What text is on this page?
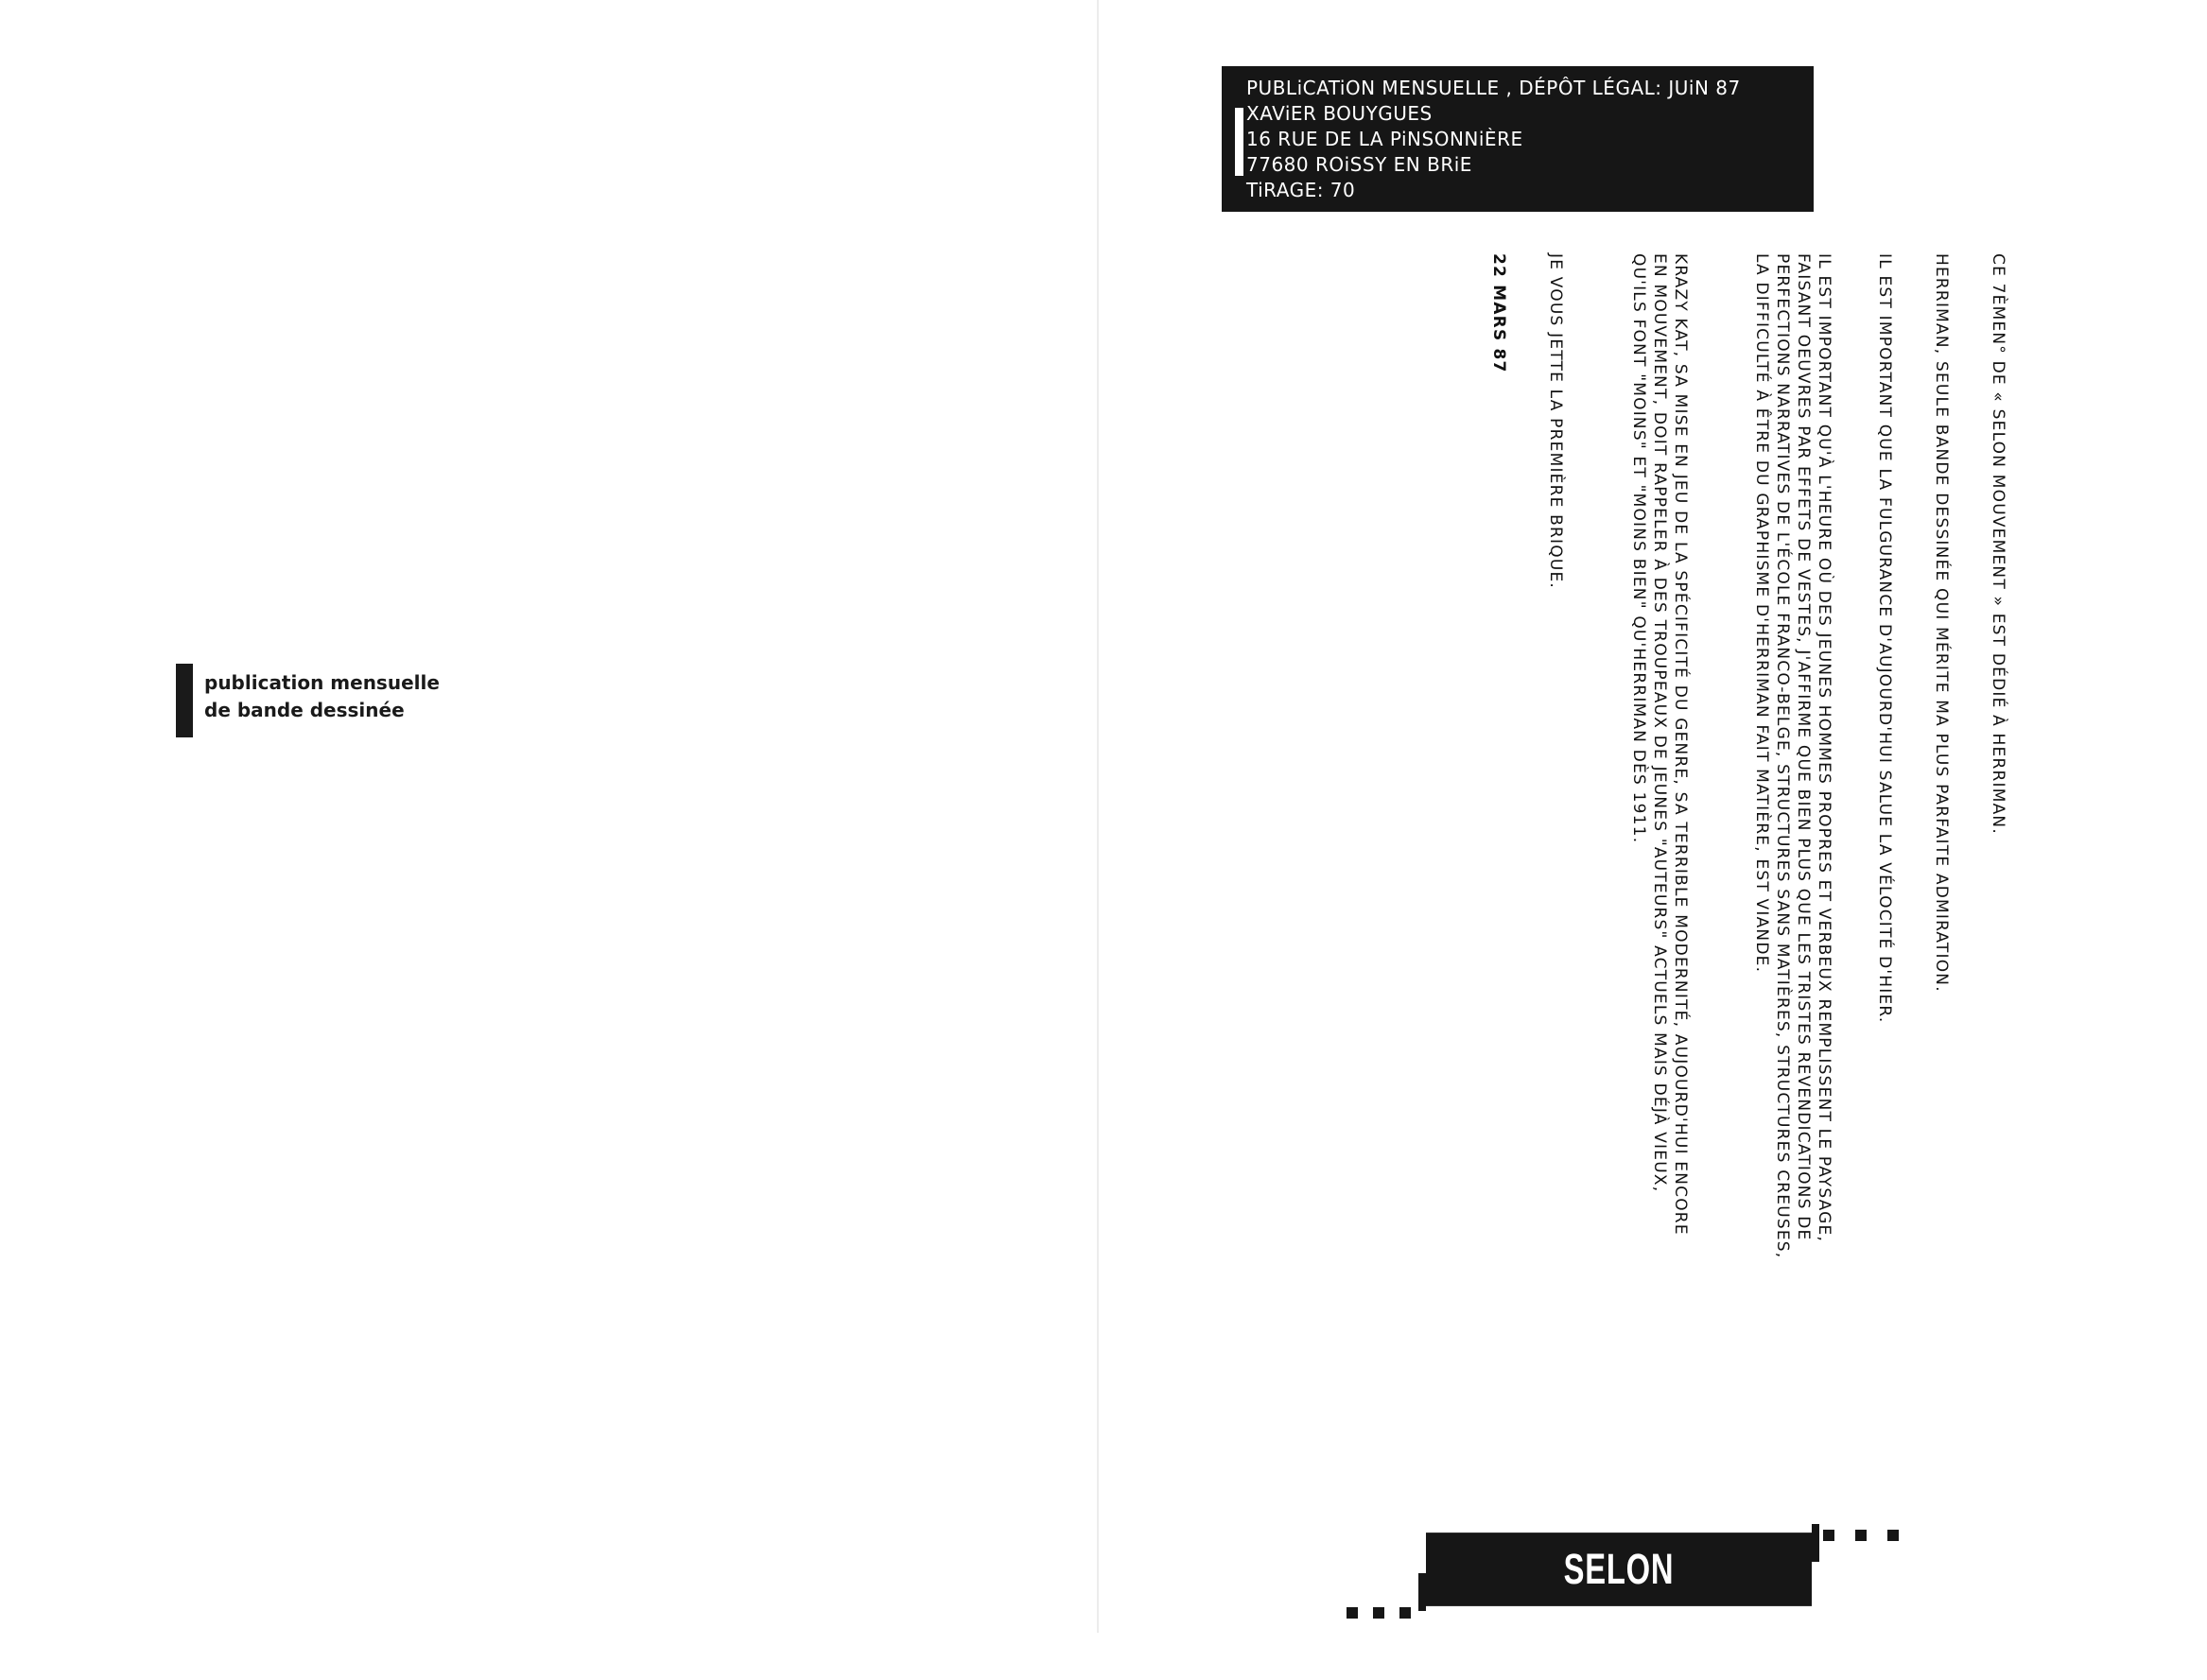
publication mensuelle
de bande dessinée
PUBLiCATiON MENSUELLE , DÉPÔT LÉGAL: JUiN 87
XAViER BOUYGUES
16 RUE DE LA PiNSONNiÈRE
77680 ROiSSY EN BRiE
TiRAGE: 70

CE 7ÈMEN° DE « SELON MOUVEMENT » EST DÉDIÉ À HERRIMAN.

HERRIMAN, SEULE BANDE DESSINÉE QUI MÉRITE MA PLUS PARFAITE ADMIRATION.

IL EST IMPORTANT QUE LA FULGURANCE D'AUJOURD'HUI SALUE LA VÉLOCITÉ D'HIER.

IL EST IMPORTANT QU'À L'HEURE OÙ DES JEUNES HOMMES PROPRES ET VERBEUX REMPLISSENT LE PAYSAGE,
FAISANT OEUVRES PAR EFFETS DE VESTES, J'AFFIRME QUE BIEN PLUS QUE LES TRISTES REVENDICATIONS DE
PERFECTIONS NARRATIVES DE L'ÉCOLE FRANCO-BELGE, STRUCTURES SANS MATIÈRES, STRUCTURES CREUSES,
LA DIFFICULTÉ À ÊTRE DU GRAPHISME D'HERRIMAN FAIT MATIÈRE, EST VIANDE.

KRAZY KAT, SA MISE EN JEU DE LA SPÉCIFICITÉ DU GENRE, SA TERRIBLE MODERNITÉ, AUJOURD'HUI ENCORE
EN MOUVEMENT, DOIT RAPPELER À DES TROUPEAUX DE JEUNES "AUTEURS" ACTUELS MAIS DÉJÀ VIEUX,
QU'ILS FONT "MOINS" ET "MOINS BIEN" QU'HERRIMAN DÈS 1911.

JE VOUS JETTE LA PREMIÈRE BRIQUE.

22 MARS 87

SELON MOUVEMENT
